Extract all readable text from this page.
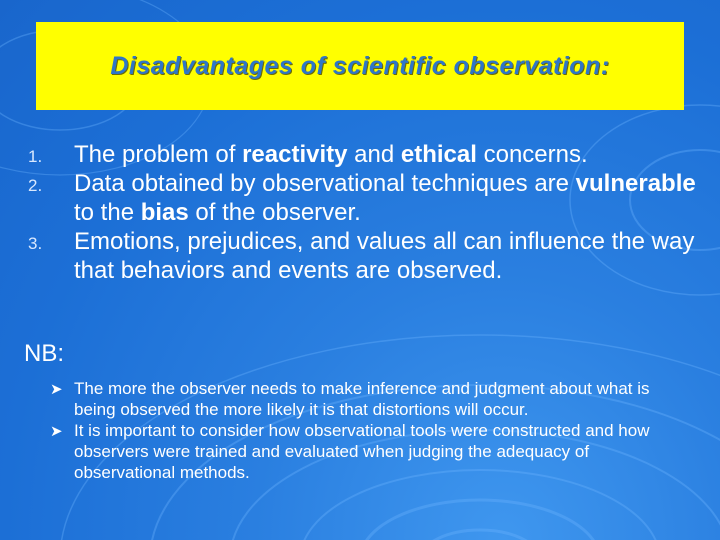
Disadvantages of scientific observation:
1. The problem of reactivity and ethical concerns.
2. Data obtained by observational techniques are vulnerable to the bias of the observer.
3. Emotions, prejudices, and values all can influence the way that behaviors and events are observed.
NB:
➤ The more the observer needs to make inference and judgment about what is being observed the more likely it is that distortions will occur.
➤ It is important to consider how observational tools were constructed and how observers were trained and evaluated when judging the adequacy of observational methods.
